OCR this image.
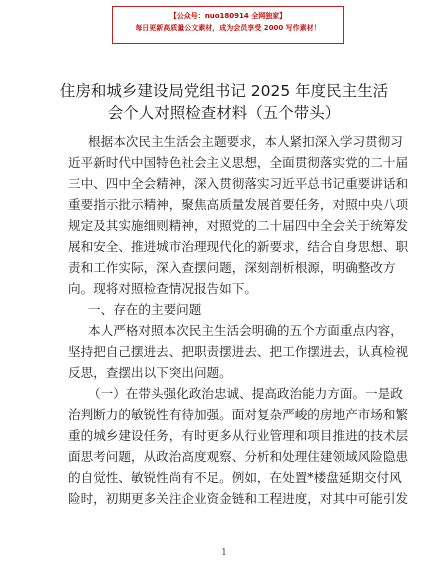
【公众号：nuo180914 全网独家】
每日更新高质量公文素材，成为会员享受 2000 写作素材！
住房和城乡建设局党组书记 2025 年度民主生活
会个人对照检查材料（五个带头）
根据本次民主生活会主题要求，本人紧扣深入学习贯彻习
近平新时代中国特色社会主义思想，全面贯彻落实党的二十届
三中、四中全会精神，深入贯彻落实习近平总书记重要讲话和
重要指示批示精神，聚焦高质量发展首要任务，对照中央八项
规定及其实施细则精神，对照党的二十届四中全会关于统筹发
展和安全、推进城市治理现代化的新要求，结合自身思想、职
责和工作实际，深入查摆问题，深刻剖析根源，明确整改方
向。现将对照检查情况报告如下。
一、存在的主要问题
本人严格对照本次民主生活会明确的五个方面重点内容，
坚持把自己摆进去、把职责摆进去、把工作摆进去，认真检视
反思，查摆出以下突出问题。
（一）在带头强化政治忠诚、提高政治能力方面。一是政
治判断力的敏锐性有待加强。面对复杂严峻的房地产市场和繁
重的城乡建设任务，有时更多从行业管理和项目推进的技术层
面思考问题，从政治高度观察、分析和处理住建领域风险隐患
的自觉性、敏锐性尚有不足。例如，在处置*楼盘延期交付风
险时，初期更多关注企业资金链和工程进度，对其中可能引发
1
